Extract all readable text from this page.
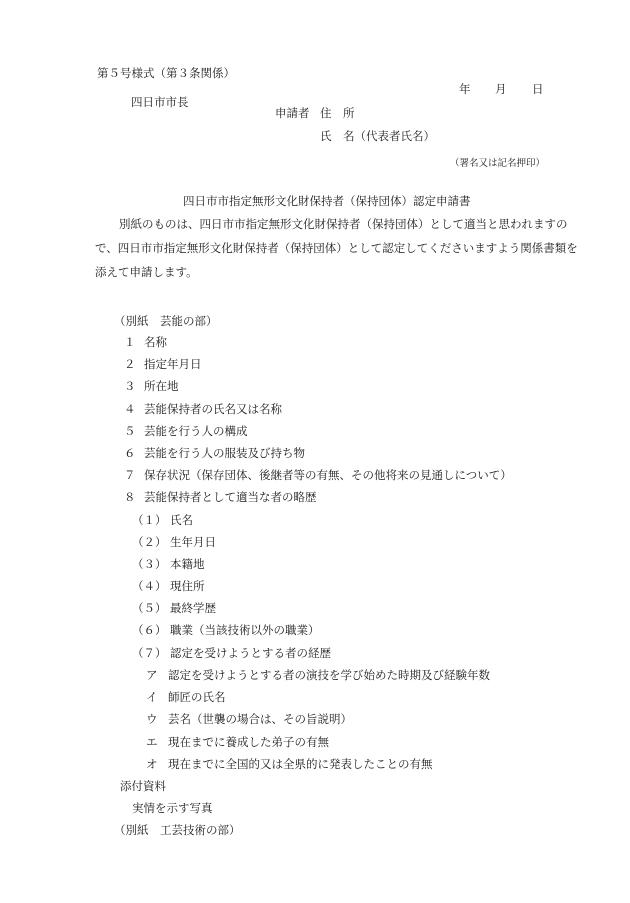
第５号様式（第３条関係）
年 月 日
四日市市長
申請者 住　所
氏　名（代表者氏名）
（署名又は記名押印）
四日市市指定無形文化財保持者（保持団体）認定申請書
別紙のものは、四日市市指定無形文化財保持者（保持団体）として適当と思われますので、四日市市指定無形文化財保持者（保持団体）として認定してくださいますよう関係書類を添えて申請します。
（別紙　芸能の部）
１ 名称
２ 指定年月日
３ 所在地
４ 芸能保持者の氏名又は名称
５ 芸能を行う人の構成
６ 芸能を行う人の服装及び持ち物
７ 保存状況（保存団体、後継者等の有無、その他将来の見通しについて）
８ 芸能保持者として適当な者の略歴
（１） 氏名
（２） 生年月日
（３） 本籍地
（４） 現住所
（５） 最終学歴
（６） 職業（当該技術以外の職業）
（７） 認定を受けようとする者の経歴
ア 認定を受けようとする者の演技を学び始めた時期及び経験年数
イ 師匠の氏名
ウ 芸名（世襲の場合は、その旨説明）
エ 現在までに養成した弟子の有無
オ 現在までに全国的又は全県的に発表したことの有無
添付資料
実情を示す写真
（別紙　工芸技術の部）
